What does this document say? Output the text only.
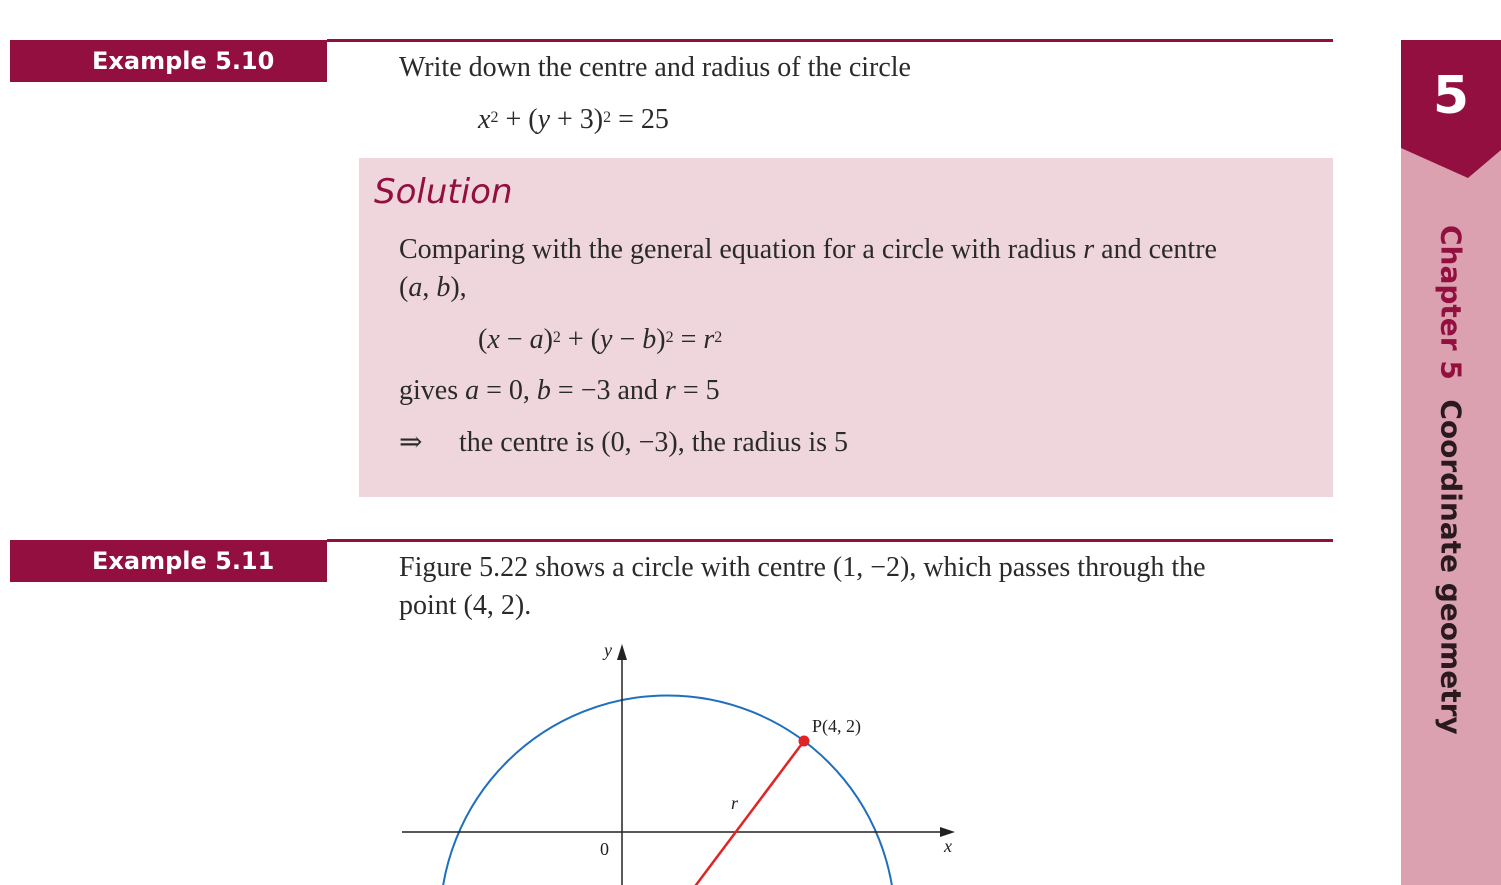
Example 5.10	Write down the centre and radius of the circle
$x^2 + (y + 3)^2 = 25$
Solution
Comparing with the general equation for a circle with radius r and centre
(a, b),
$(x - a)^2 + (y - b)^2 = r^2$
gives a = 0, b = −3 and r = 5
⇒ the centre is (0, −3), the radius is 5
Example 5.11	Figure 5.22 shows a circle with centre (1, −2), which passes through the
point (4, 2).
y
x
0
P(4, 2)
r
5
Chapter 5  Coordinate geometry
